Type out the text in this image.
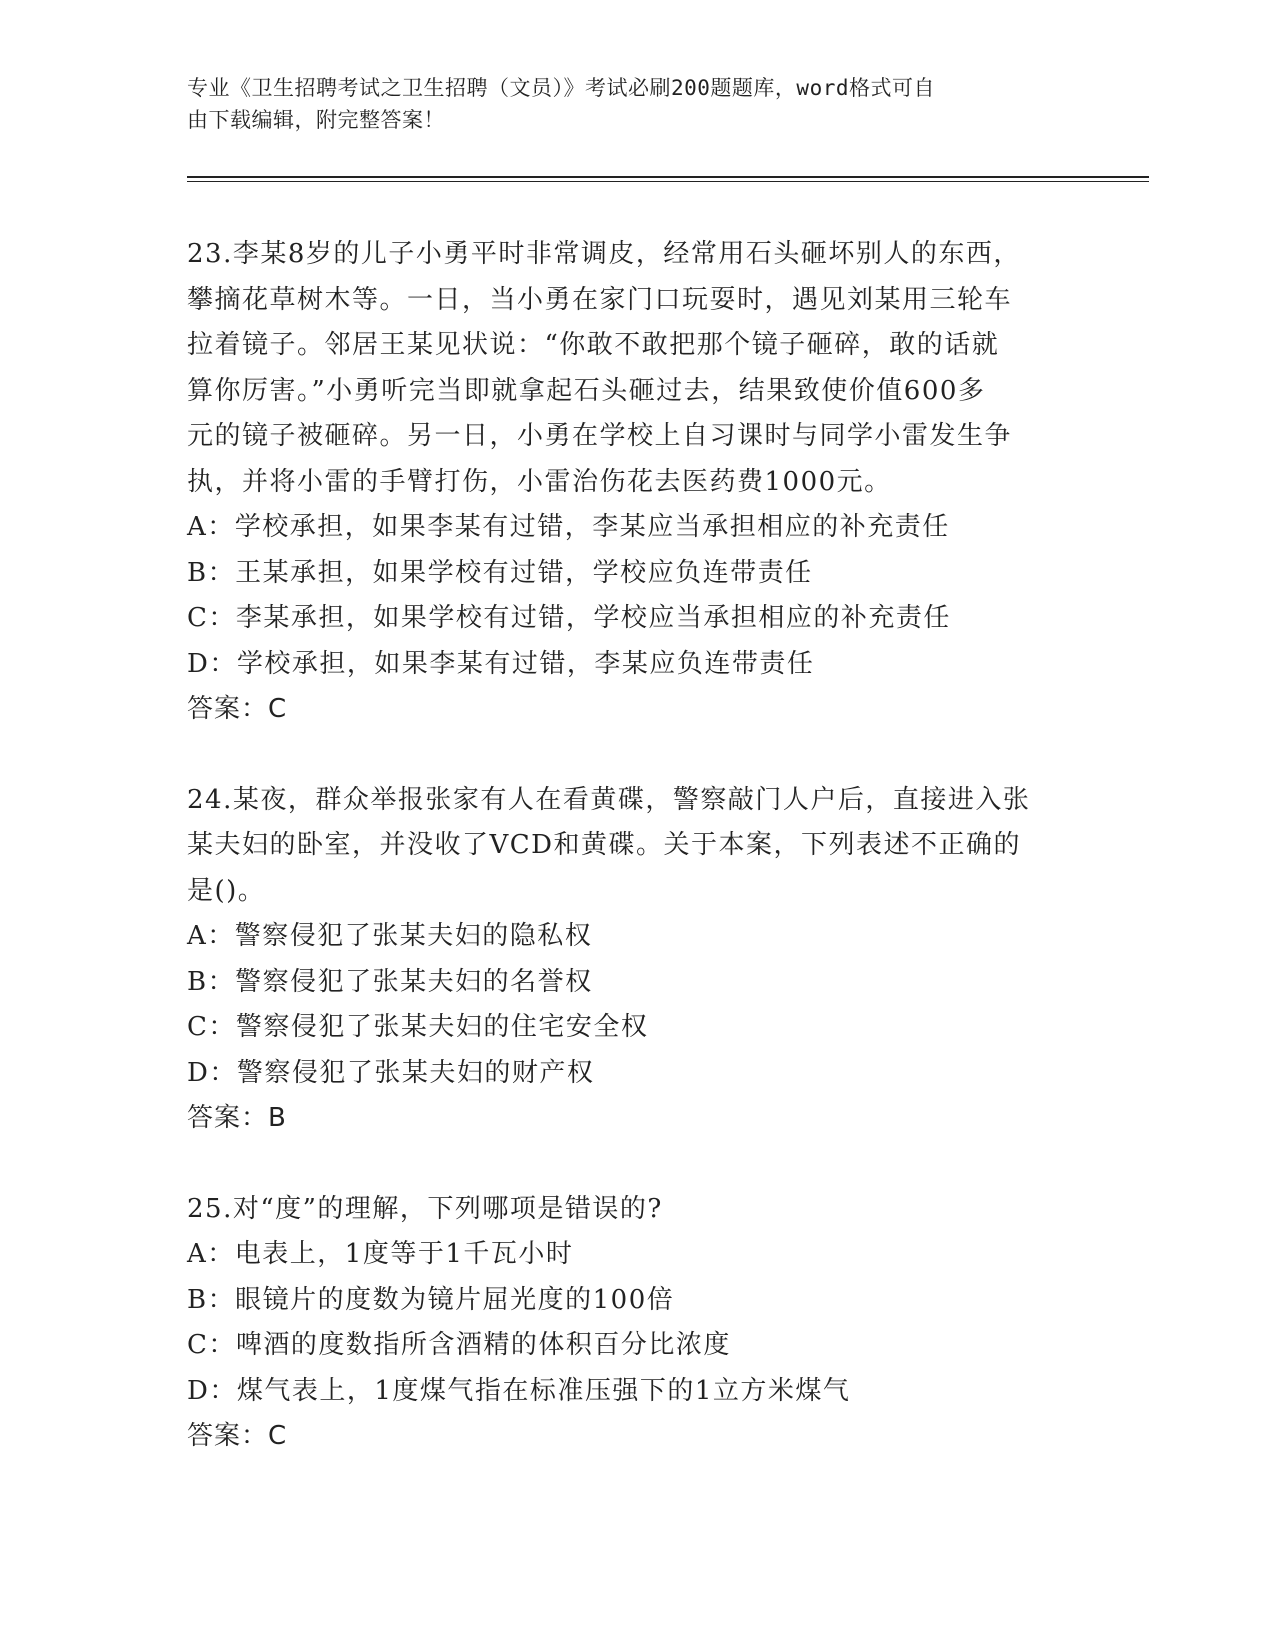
专业《卫生招聘考试之卫生招聘（文员）》考试必刷200题题库，word格式可自
由下载编辑，附完整答案！

23.李某8岁的儿子小勇平时非常调皮，经常用石头砸坏别人的东西，

攀摘花草树木等。一日，当小勇在家门口玩耍时，遇见刘某用三轮车

拉着镜子。邻居王某见状说：“你敢不敢把那个镜子砸碎，敢的话就

算你厉害。”小勇听完当即就拿起石头砸过去，结果致使价值600多

元的镜子被砸碎。另一日，小勇在学校上自习课时与同学小雷发生争

执，并将小雷的手臂打伤，小雷治伤花去医药费1000元。

A：学校承担，如果李某有过错，李某应当承担相应的补充责任

B：王某承担，如果学校有过错，学校应负连带责任

C：李某承担，如果学校有过错，学校应当承担相应的补充责任

D：学校承担，如果李某有过错，李某应负连带责任

答案：C

24.某夜，群众举报张家有人在看黄碟，警察敲门人户后，直接进入张

某夫妇的卧室，并没收了VCD和黄碟。关于本案，下列表述不正确的

是()。

A：警察侵犯了张某夫妇的隐私权

B：警察侵犯了张某夫妇的名誉权

C：警察侵犯了张某夫妇的住宅安全权

D：警察侵犯了张某夫妇的财产权

答案：B

25.对“度”的理解，下列哪项是错误的?

A：电表上，1度等于1千瓦小时

B：眼镜片的度数为镜片屈光度的100倍

C：啤酒的度数指所含酒精的体积百分比浓度

D：煤气表上，1度煤气指在标准压强下的1立方米煤气

答案：C
